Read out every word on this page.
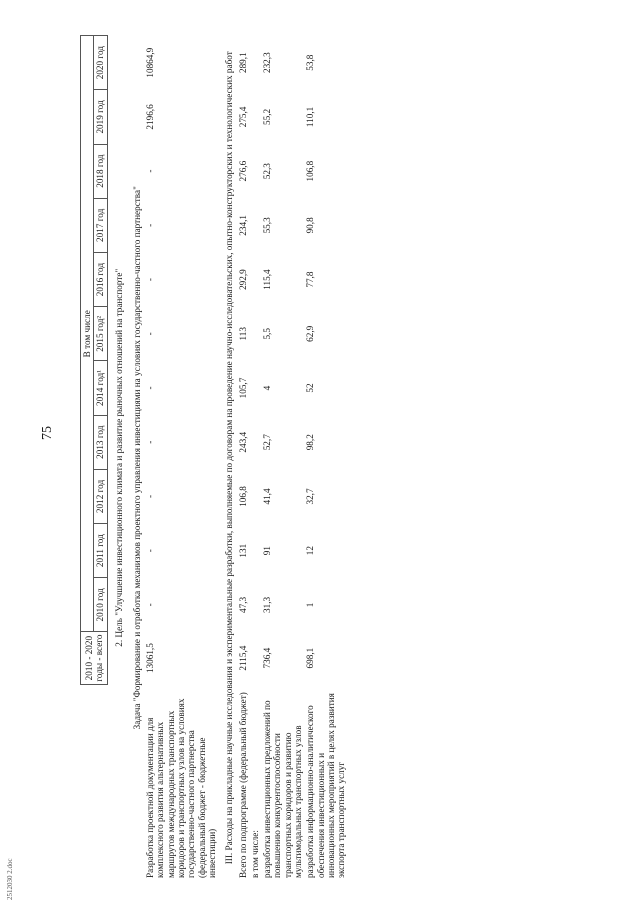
75
2512030 2.doc
	2010 - 2020 годы - всего	В том числе										
		2010 год	2011 год	2012 год	2013 год	2014 год¹	2015 год²	2016 год	2017 год	2018 год	2019 год	2020 год
2. Цель "Улучшение инвестиционного климата и развитие рыночных отношений на транспорте"												
Задача "Формирование и отработка механизмов проектного управления инвестициями на условиях государственно-частного партнерства"												
Разработка проектной документации для комплексного развития альтернативных маршрутов международных транспортных коридоров и транспортных узлов на условиях государственно-частного партнерства (федеральный бюджет - бюджетные инвестиции)	13061,5	-	-	-	-	-	-	-	-	-	2196,6	10864,9
III. Расходы на прикладные научные исследования и экспериментальные разработки, выполняемые по договорам на проведение научно-исследовательских, опытно-конструкторских и технологических работ												
Всего по подпрограмме (федеральный бюджет)	2115,4	47,3	131	106,8	243,4	105,7	113	292,9	234,1	276,6	275,4	289,1
в том числе:												
разработка инвестиционных предложений по повышению конкурентоспособности транспортных коридоров и развитию мультимодальных транспортных узлов	736,4	31,3	91	41,4	52,7	4	5,5	115,4	55,3	52,3	55,2	232,3
разработка информационно-аналитического обеспечения инвестиционных и инновационных мероприятий в целях развития экспорта транспортных услуг	698,1	1	12	32,7	98,2	52	62,9	77,8	90,8	106,8	110,1	53,8
